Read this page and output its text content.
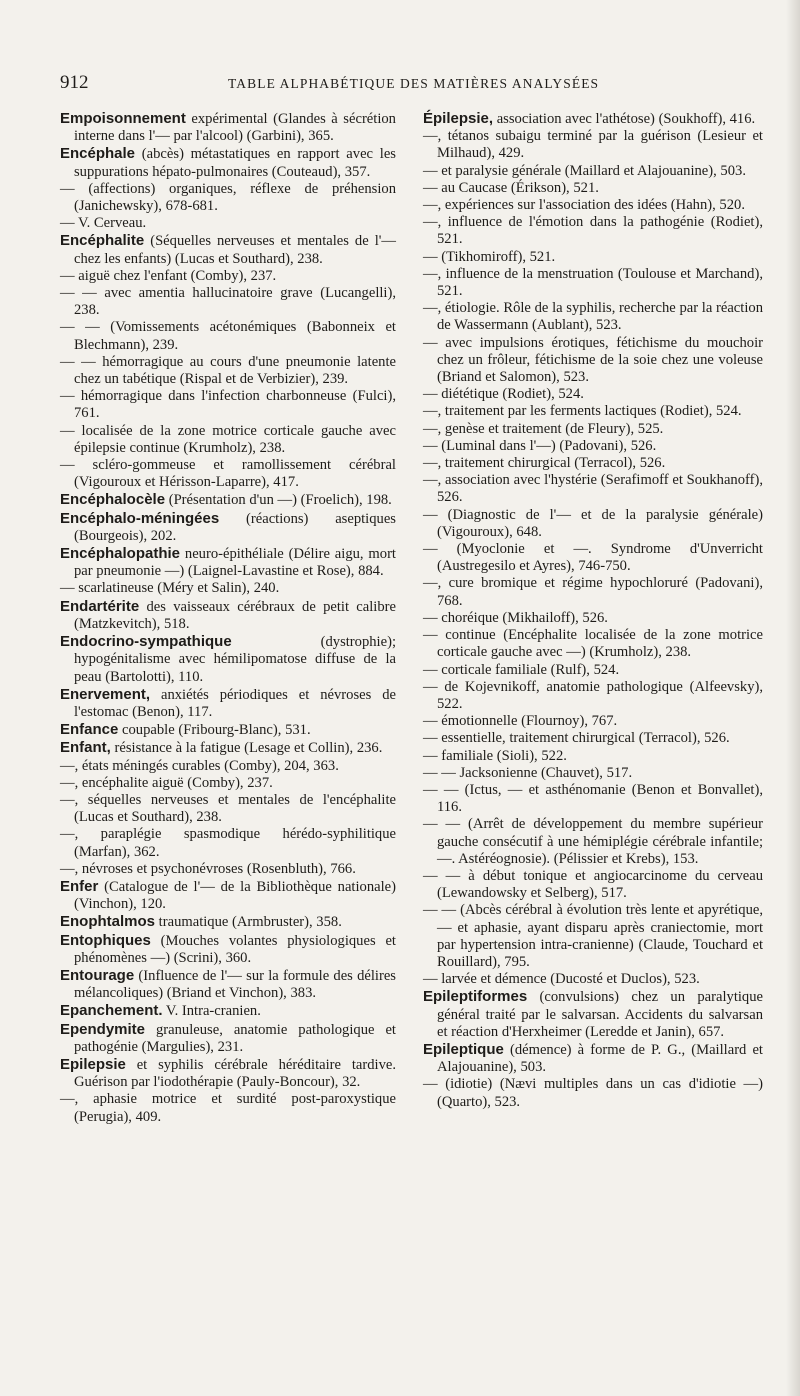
912	TABLE ALPHABÉTIQUE DES MATIÈRES ANALYSÉES

Empoisonnement expérimental (Glandes à sécrétion interne dans l'— par l'alcool) (Garbini), 365.

Encéphale (abcès) métastatiques en rapport avec les suppurations hépato-pulmonaires (Couteaud), 357.

— (affections) organiques, réflexe de préhension (Janichewsky), 678-681.

— V. Cerveau.

Encéphalite (Séquelles nerveuses et mentales de l'— chez les enfants) (Lucas et Southard), 238.

— aiguë chez l'enfant (Comby), 237.

— — avec amentia hallucinatoire grave (Lucangelli), 238.

— — (Vomissements acétonémiques (Babonneix et Blechmann), 239.

— — hémorragique au cours d'une pneumonie latente chez un tabétique (Rispal et de Verbizier), 239.

— hémorragique dans l'infection charbonneuse (Fulci), 761.

— localisée de la zone motrice corticale gauche avec épilepsie continue (Krumholz), 238.

— scléro-gommeuse et ramollissement cérébral (Vigouroux et Hérisson-Laparre), 417.

Encéphalocèle (Présentation d'un —) (Froelich), 198.

Encéphalo-méningées (réactions) aseptiques (Bourgeois), 202.

Encéphalopathie neuro-épithéliale (Délire aigu, mort par pneumonie —) (Laignel-Lavastine et Rose), 884.

— scarlatineuse (Méry et Salin), 240.

Endartérite des vaisseaux cérébraux de petit calibre (Matzkevitch), 518.

Endocrino-sympathique	(dystrophie); hypogénitalisme avec hémilipomatose diffuse de la peau (Bartolotti), 110.

Enervement, anxiétés périodiques et névroses de l'estomac (Benon), 117.

Enfance coupable (Fribourg-Blanc), 531.

Enfant, résistance à la fatigue (Lesage et Collin), 236.

—, états méningés curables (Comby), 204, 363.

—, encéphalite aiguë (Comby), 237.

—, séquelles nerveuses et mentales de l'encéphalite (Lucas et Southard), 238.

—, paraplégie spasmodique hérédo-syphilitique (Marfan), 362.

—, névroses et psychonévroses (Rosenbluth), 766.

Enfer (Catalogue de l'— de la Bibliothèque nationale) (Vinchon), 120.

Enophtalmos traumatique (Armbruster), 358.

Entophiques (Mouches volantes physiologiques et phénomènes —) (Scrini), 360.

Entourage (Influence de l'— sur la formule des délires mélancoliques) (Briand et Vinchon), 383.

Epanchement. V. Intra-cranien.

Ependymite granuleuse, anatomie pathologique et pathogénie (Margulies), 231.

Epilepsie et syphilis cérébrale héréditaire tardive. Guérison par l'iodothérapie (Pauly-Boncour), 32.

—, aphasie motrice et surdité post-paroxystique (Perugia), 409.

Épilepsie, association avec l'athétose) (Soukhoff), 416.

—, tétanos subaigu terminé par la guérison (Lesieur et Milhaud), 429.

— et paralysie générale (Maillard et Alajouanine), 503.

— au Caucase (Érikson), 521.

—, expériences sur l'association des idées (Hahn), 520.

—, influence de l'émotion dans la pathogénie (Rodiet), 521.

— (Tikhomiroff), 521.

—, influence de la menstruation (Toulouse et Marchand), 521.

—, étiologie. Rôle de la syphilis, recherche par la réaction de Wassermann (Aublant), 523.

— avec impulsions érotiques, fétichisme du mouchoir chez un frôleur, fétichisme de la soie chez une voleuse (Briand et Salomon), 523.

— diététique (Rodiet), 524.

—, traitement par les ferments lactiques (Rodiet), 524.

—, genèse et traitement (de Fleury), 525.

— (Luminal dans l'—) (Padovani), 526.

—, traitement chirurgical (Terracol), 526.

—, association avec l'hystérie (Serafimoff et Soukhanoff), 526.

— (Diagnostic de l'— et de la paralysie générale) (Vigouroux), 648.

— (Myoclonie et —. Syndrome d'Unverricht (Austregesilo et Ayres), 746-750.

—, cure bromique et régime hypochloruré (Padovani), 768.

— choréique (Mikhailoff), 526.

— continue (Encéphalite localisée de la zone motrice corticale gauche avec —) (Krumholz), 238.

— corticale familiale (Rulf), 524.

— de Kojevnikoff, anatomie pathologique (Alfeevsky), 522.

— émotionnelle (Flournoy), 767.

— essentielle, traitement chirurgical (Terracol), 526.

— familiale (Sioli), 522.

— — Jacksonienne (Chauvet), 517.

— — (Ictus, — et asthénomanie (Benon et Bonvallet), 116.

— — (Arrêt de développement du membre supérieur gauche consécutif à une hémiplégie cérébrale infantile; —. Astéréognosie). (Pélissier et Krebs), 153.

— — à début tonique et angiocarcinome du cerveau (Lewandowsky et Selberg), 517.

— — (Abcès cérébral à évolution très lente et apyrétique, — et aphasie, ayant disparu après craniectomie, mort par hypertension intra-cranienne) (Claude, Touchard et Rouillard), 795.

— larvée et démence (Ducosté et Duclos), 523.

Epileptiformes (convulsions) chez un paralytique général traité par le salvarsan. Accidents du salvarsan et réaction d'Herxheimer (Leredde et Janin), 657.

Epileptique (démence) à forme de P. G., (Maillard et Alajouanine), 503.

— (idiotie) (Nævi multiples dans un cas d'idiotie —) (Quarto), 523.
